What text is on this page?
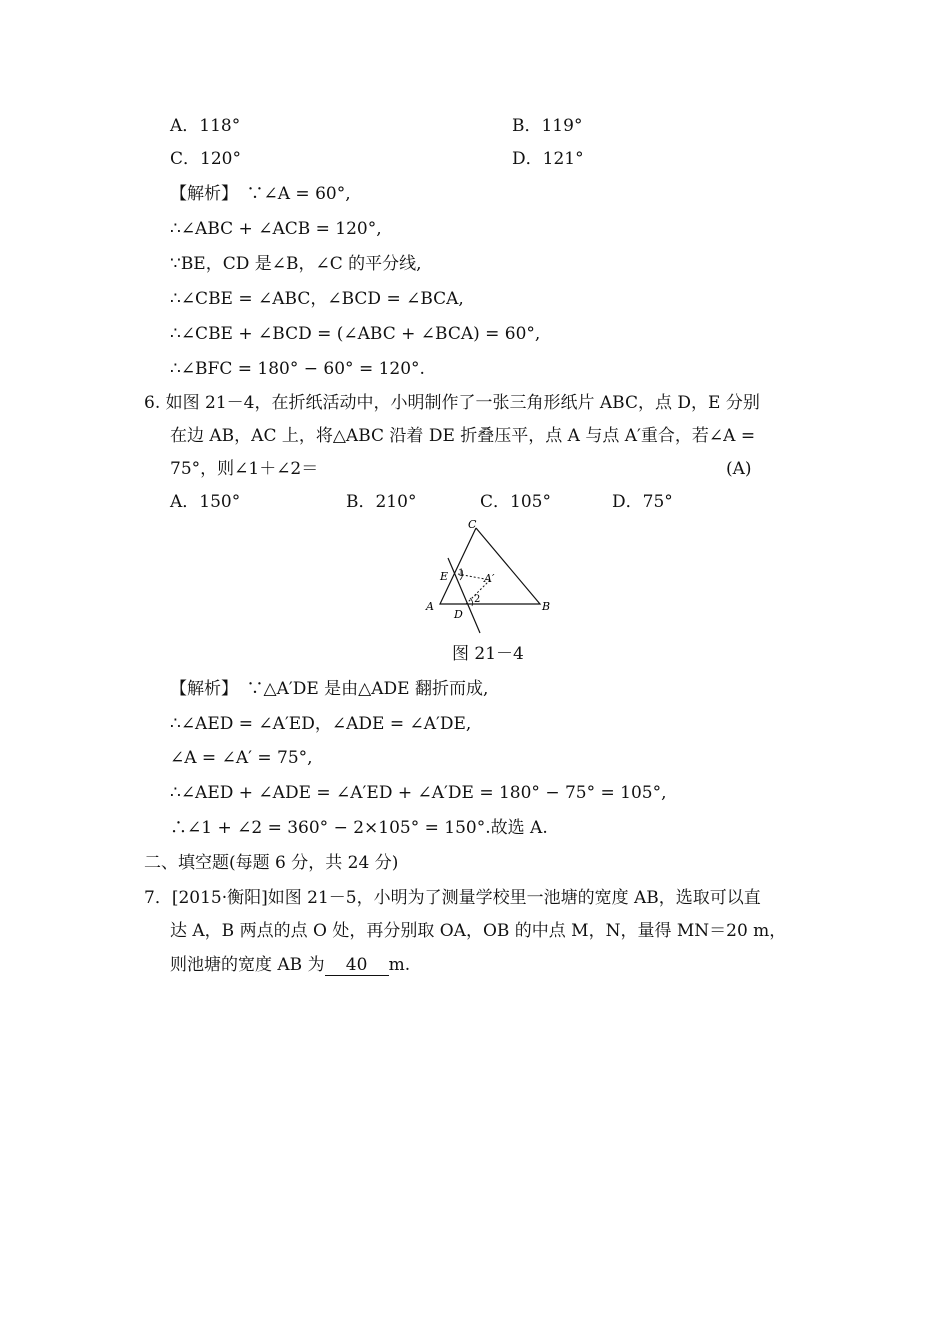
A．118°	B．119°
C．120°	D．121°
【解析】　∵∠A = 60°,
∴∠ABC + ∠ACB = 120°,
∵BE，CD 是∠B，∠C 的平分线,
∴∠CBE = ∠ABC，∠BCD = ∠BCA,
∴∠CBE + ∠BCD = (∠ABC + ∠BCA) = 60°,
∴∠BFC = 180° − 60° = 120°.
6. 如图 21－4，在折纸活动中，小明制作了一张三角形纸片 ABC，点 D，E 分别
在边 AB，AC 上，将△ABC 沿着 DE 折叠压平，点 A 与点 A′重合，若∠A =
75°，则∠1＋∠2＝	(A)
A．150°	B．210°	C．105°	D．75°
C
E 1 A′
2
A
D
B
图 21－4
【解析】　∵△A′DE 是由△ADE 翻折而成,
∴∠AED = ∠A′ED，∠ADE = ∠A′DE,
∠A = ∠A′ = 75°,
∴∠AED + ∠ADE = ∠A′ED + ∠A′DE = 180° − 75° = 105°,
∴∠1 + ∠2 = 360° − 2×105° = 150°.故选 A.
二、填空题(每题 6 分，共 24 分)
7．[2015·衡阳]如图 21－5，小明为了测量学校里一池塘的宽度 AB，选取可以直
达 A，B 两点的点 O 处，再分别取 OA，OB 的中点 M，N，量得 MN＝20 m，
则池塘的宽度 AB 为 40 m.
